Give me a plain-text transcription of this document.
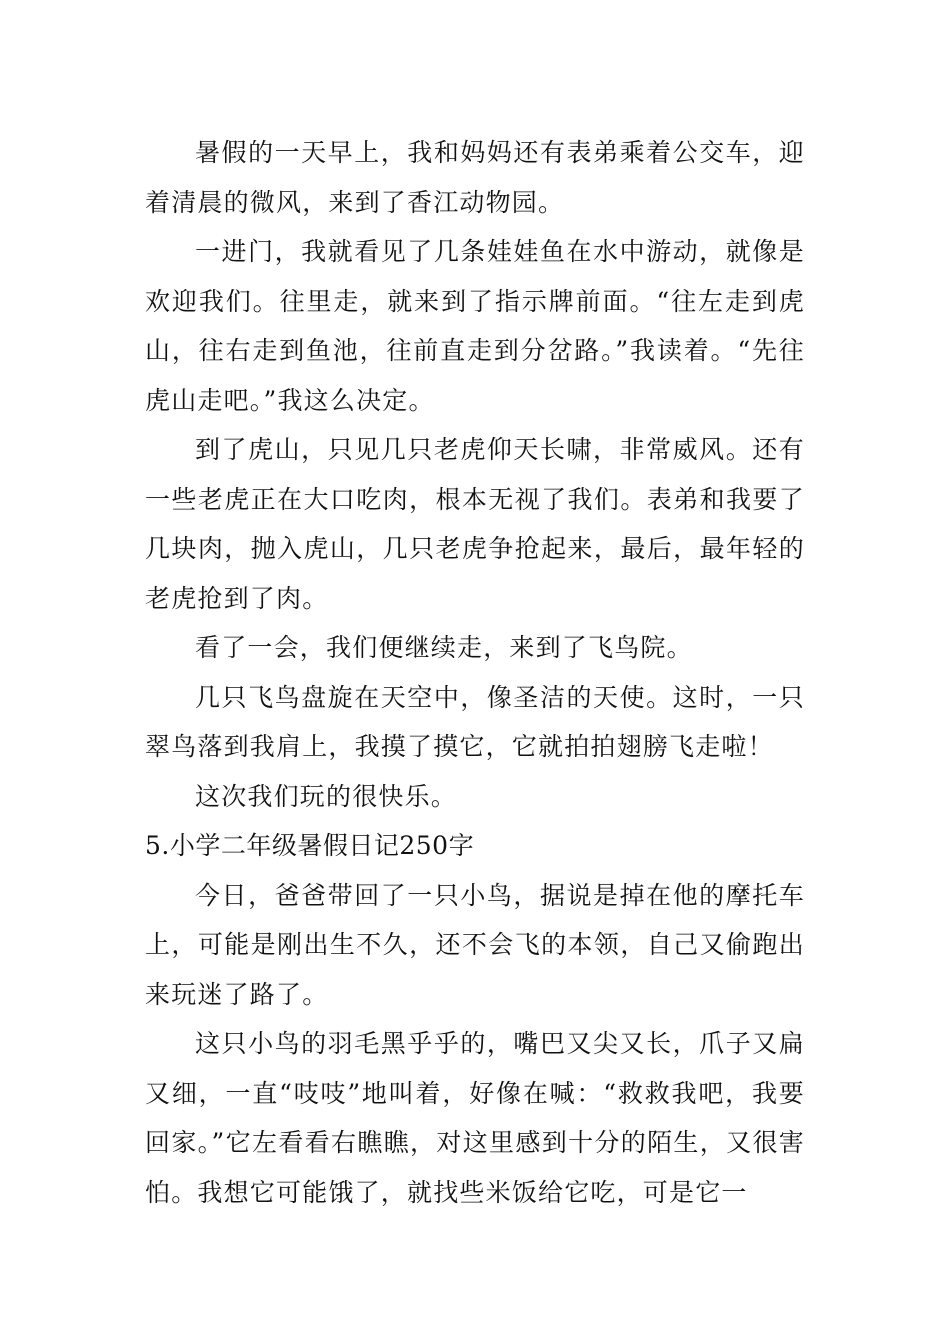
暑假的一天早上，我和妈妈还有表弟乘着公交车，迎着清晨的微风，来到了香江动物园。

一进门，我就看见了几条娃娃鱼在水中游动，就像是欢迎我们。往里走，就来到了指示牌前面。“往左走到虎山，往右走到鱼池，往前直走到分岔路。”我读着。“先往虎山走吧。”我这么决定。

到了虎山，只见几只老虎仰天长啸，非常威风。还有一些老虎正在大口吃肉，根本无视了我们。表弟和我要了几块肉，抛入虎山，几只老虎争抢起来，最后，最年轻的老虎抢到了肉。

看了一会，我们便继续走，来到了飞鸟院。

几只飞鸟盘旋在天空中，像圣洁的天使。这时，一只翠鸟落到我肩上，我摸了摸它，它就拍拍翅膀飞走啦！

这次我们玩的很快乐。

5.小学二年级暑假日记250字

今日，爸爸带回了一只小鸟，据说是掉在他的摩托车上，可能是刚出生不久，还不会飞的本领，自己又偷跑出来玩迷了路了。

这只小鸟的羽毛黑乎乎的，嘴巴又尖又长，爪子又扁又细，一直“吱吱”地叫着，好像在喊：“救救我吧，我要回家。”它左看看右瞧瞧，对这里感到十分的陌生，又很害怕。我想它可能饿了，就找些米饭给它吃，可是它一
